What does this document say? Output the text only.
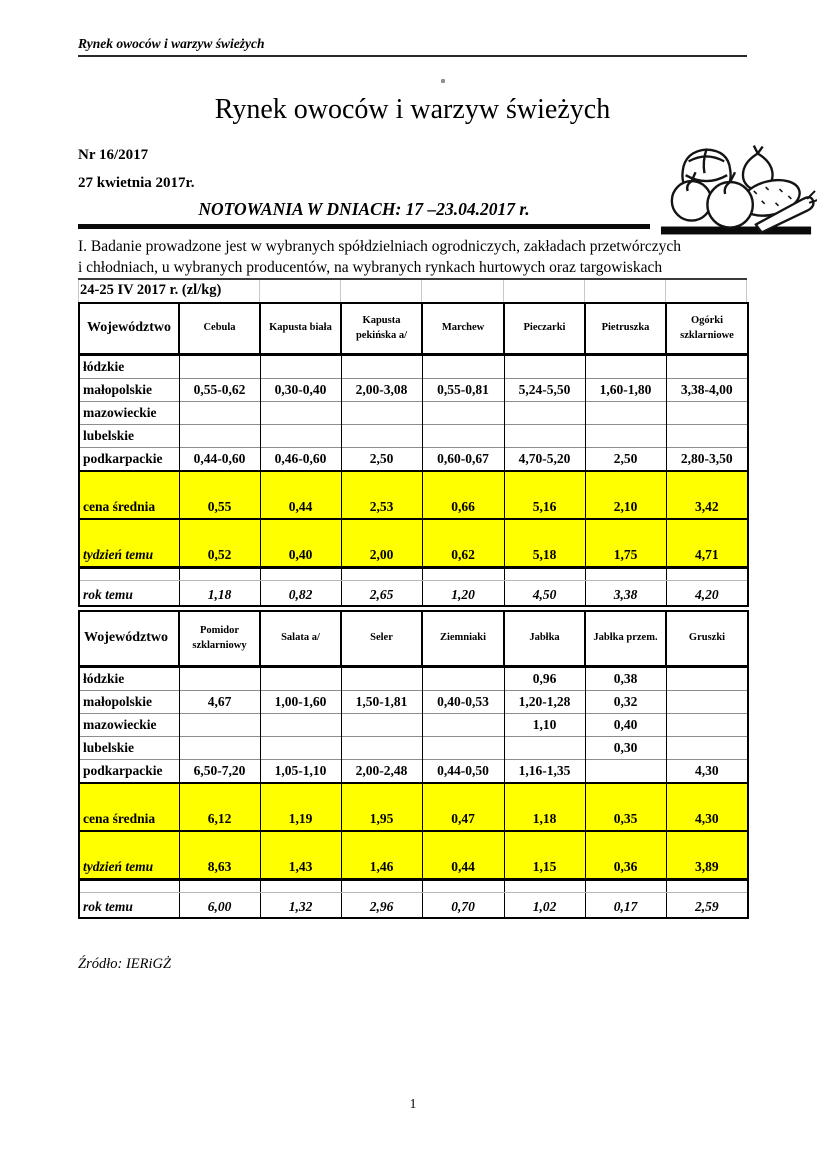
Rynek owoców i warzyw świeżych
Rynek owoców i warzyw świeżych
Nr 16/2017
27 kwietnia 2017r.
NOTOWANIA W DNIACH: 17 –23.04.2017 r.
I. Badanie prowadzone jest w wybranych spółdzielniach ogrodniczych, zakładach przetwórczych
i chłodniach, u wybranych producentów, na wybranych rynkach hurtowych oraz targowiskach
24-25 IV 2017 r. (zl/kg)
Województwo	Cebula	Kapusta biała	Kapusta pekińska a/	Marchew	Pieczarki	Pietruszka	Ogórki szklarniowe
łódzkie							
małopolskie	0,55-0,62	0,30-0,40	2,00-3,08	0,55-0,81	5,24-5,50	1,60-1,80	3,38-4,00
mazowieckie							
lubelskie							
podkarpackie	0,44-0,60	0,46-0,60	2,50	0,60-0,67	4,70-5,20	2,50	2,80-3,50
cena średnia	0,55	0,44	2,53	0,66	5,16	2,10	3,42
tydzień temu	0,52	0,40	2,00	0,62	5,18	1,75	4,71

rok temu	1,18	0,82	2,65	1,20	4,50	3,38	4,20
Województwo	Pomidor szklarniowy	Salata a/	Seler	Ziemniaki	Jabłka	Jabłka przem.	Gruszki
łódzkie					0,96	0,38	
małopolskie	4,67	1,00-1,60	1,50-1,81	0,40-0,53	1,20-1,28	0,32	
mazowieckie					1,10	0,40	
lubelskie						0,30	
podkarpackie	6,50-7,20	1,05-1,10	2,00-2,48	0,44-0,50	1,16-1,35		4,30
cena średnia	6,12	1,19	1,95	0,47	1,18	0,35	4,30
tydzień temu	8,63	1,43	1,46	0,44	1,15	0,36	3,89

rok temu	6,00	1,32	2,96	0,70	1,02	0,17	2,59
Źródło: IERiGŻ
1
